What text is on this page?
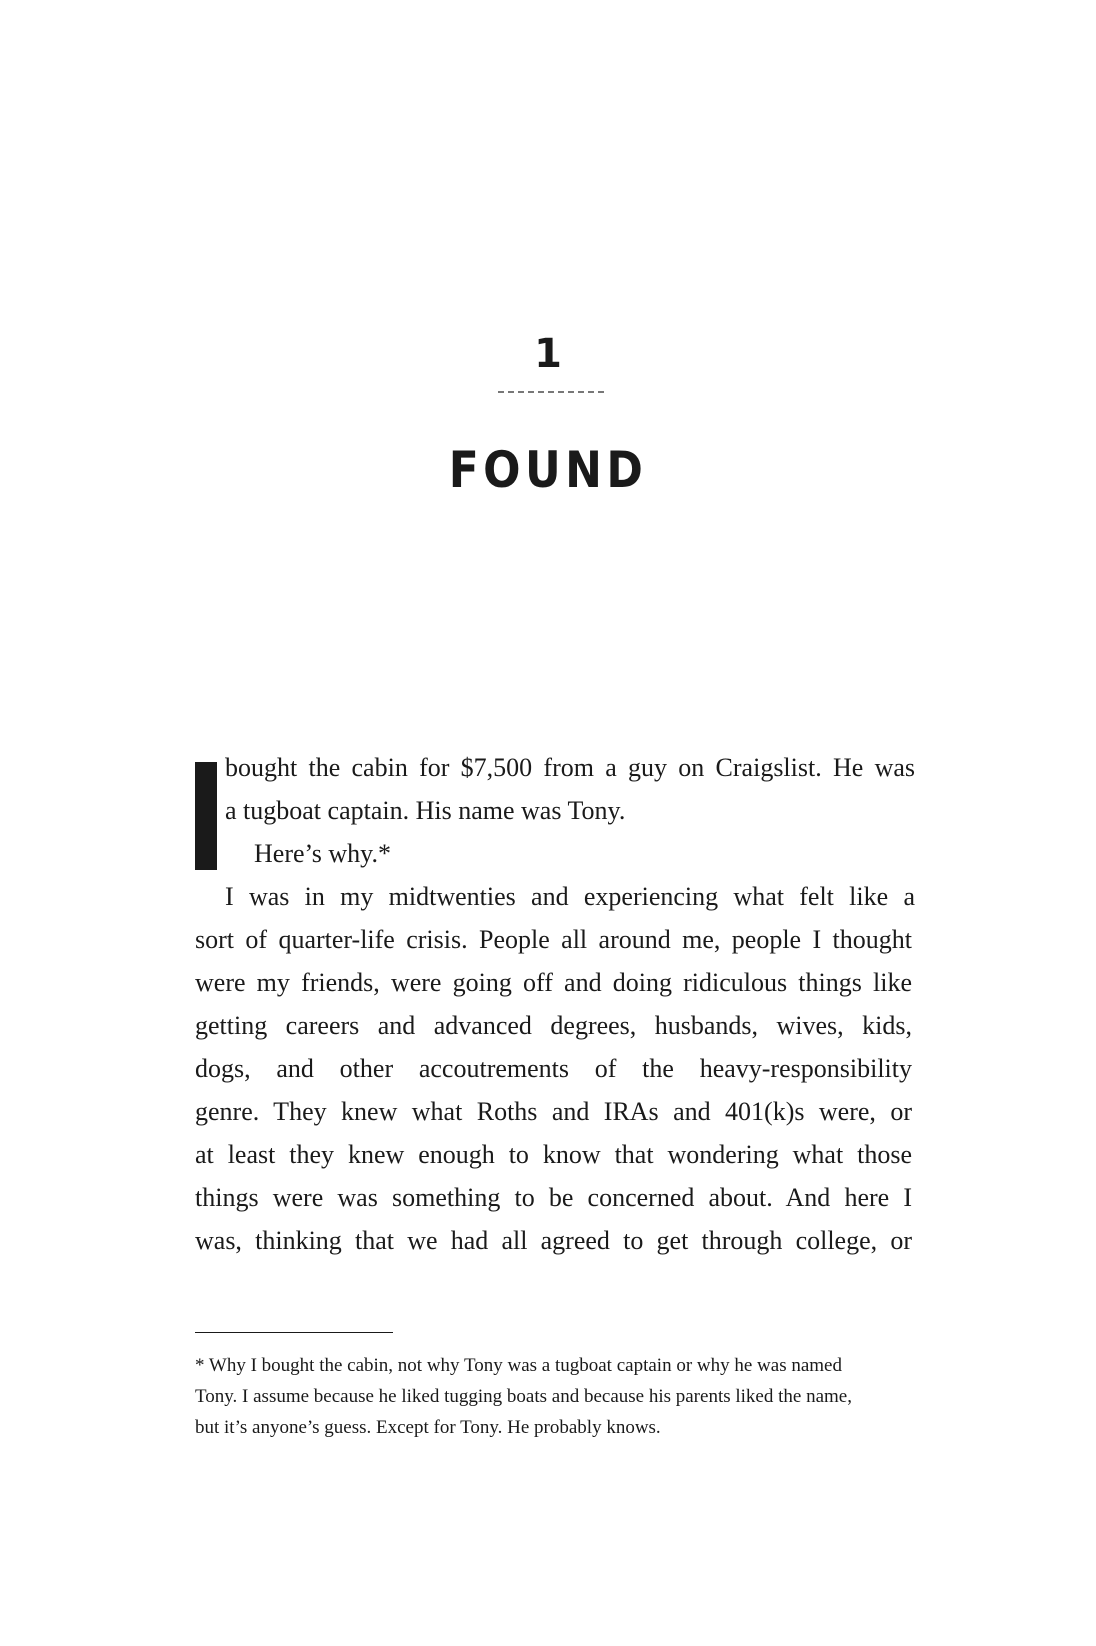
1
FOUND
bought the cabin for $7,500 from a guy on Craigslist. He was
a tugboat captain. His name was Tony.
Here’s why.*
I was in my midtwenties and experiencing what felt like a
sort of quarter-life crisis. People all around me, people I thought
were my friends, were going off and doing ridiculous things like
getting careers and advanced degrees, husbands, wives, kids,
dogs, and other accoutrements of the heavy-responsibility
genre. They knew what Roths and IRAs and 401(k)s were, or
at least they knew enough to know that wondering what those
things were was something to be concerned about. And here I
was, thinking that we had all agreed to get through college, or
* Why I bought the cabin, not why Tony was a tugboat captain or why he was named
Tony. I assume because he liked tugging boats and because his parents liked the name,
but it’s anyone’s guess. Except for Tony. He probably knows.
